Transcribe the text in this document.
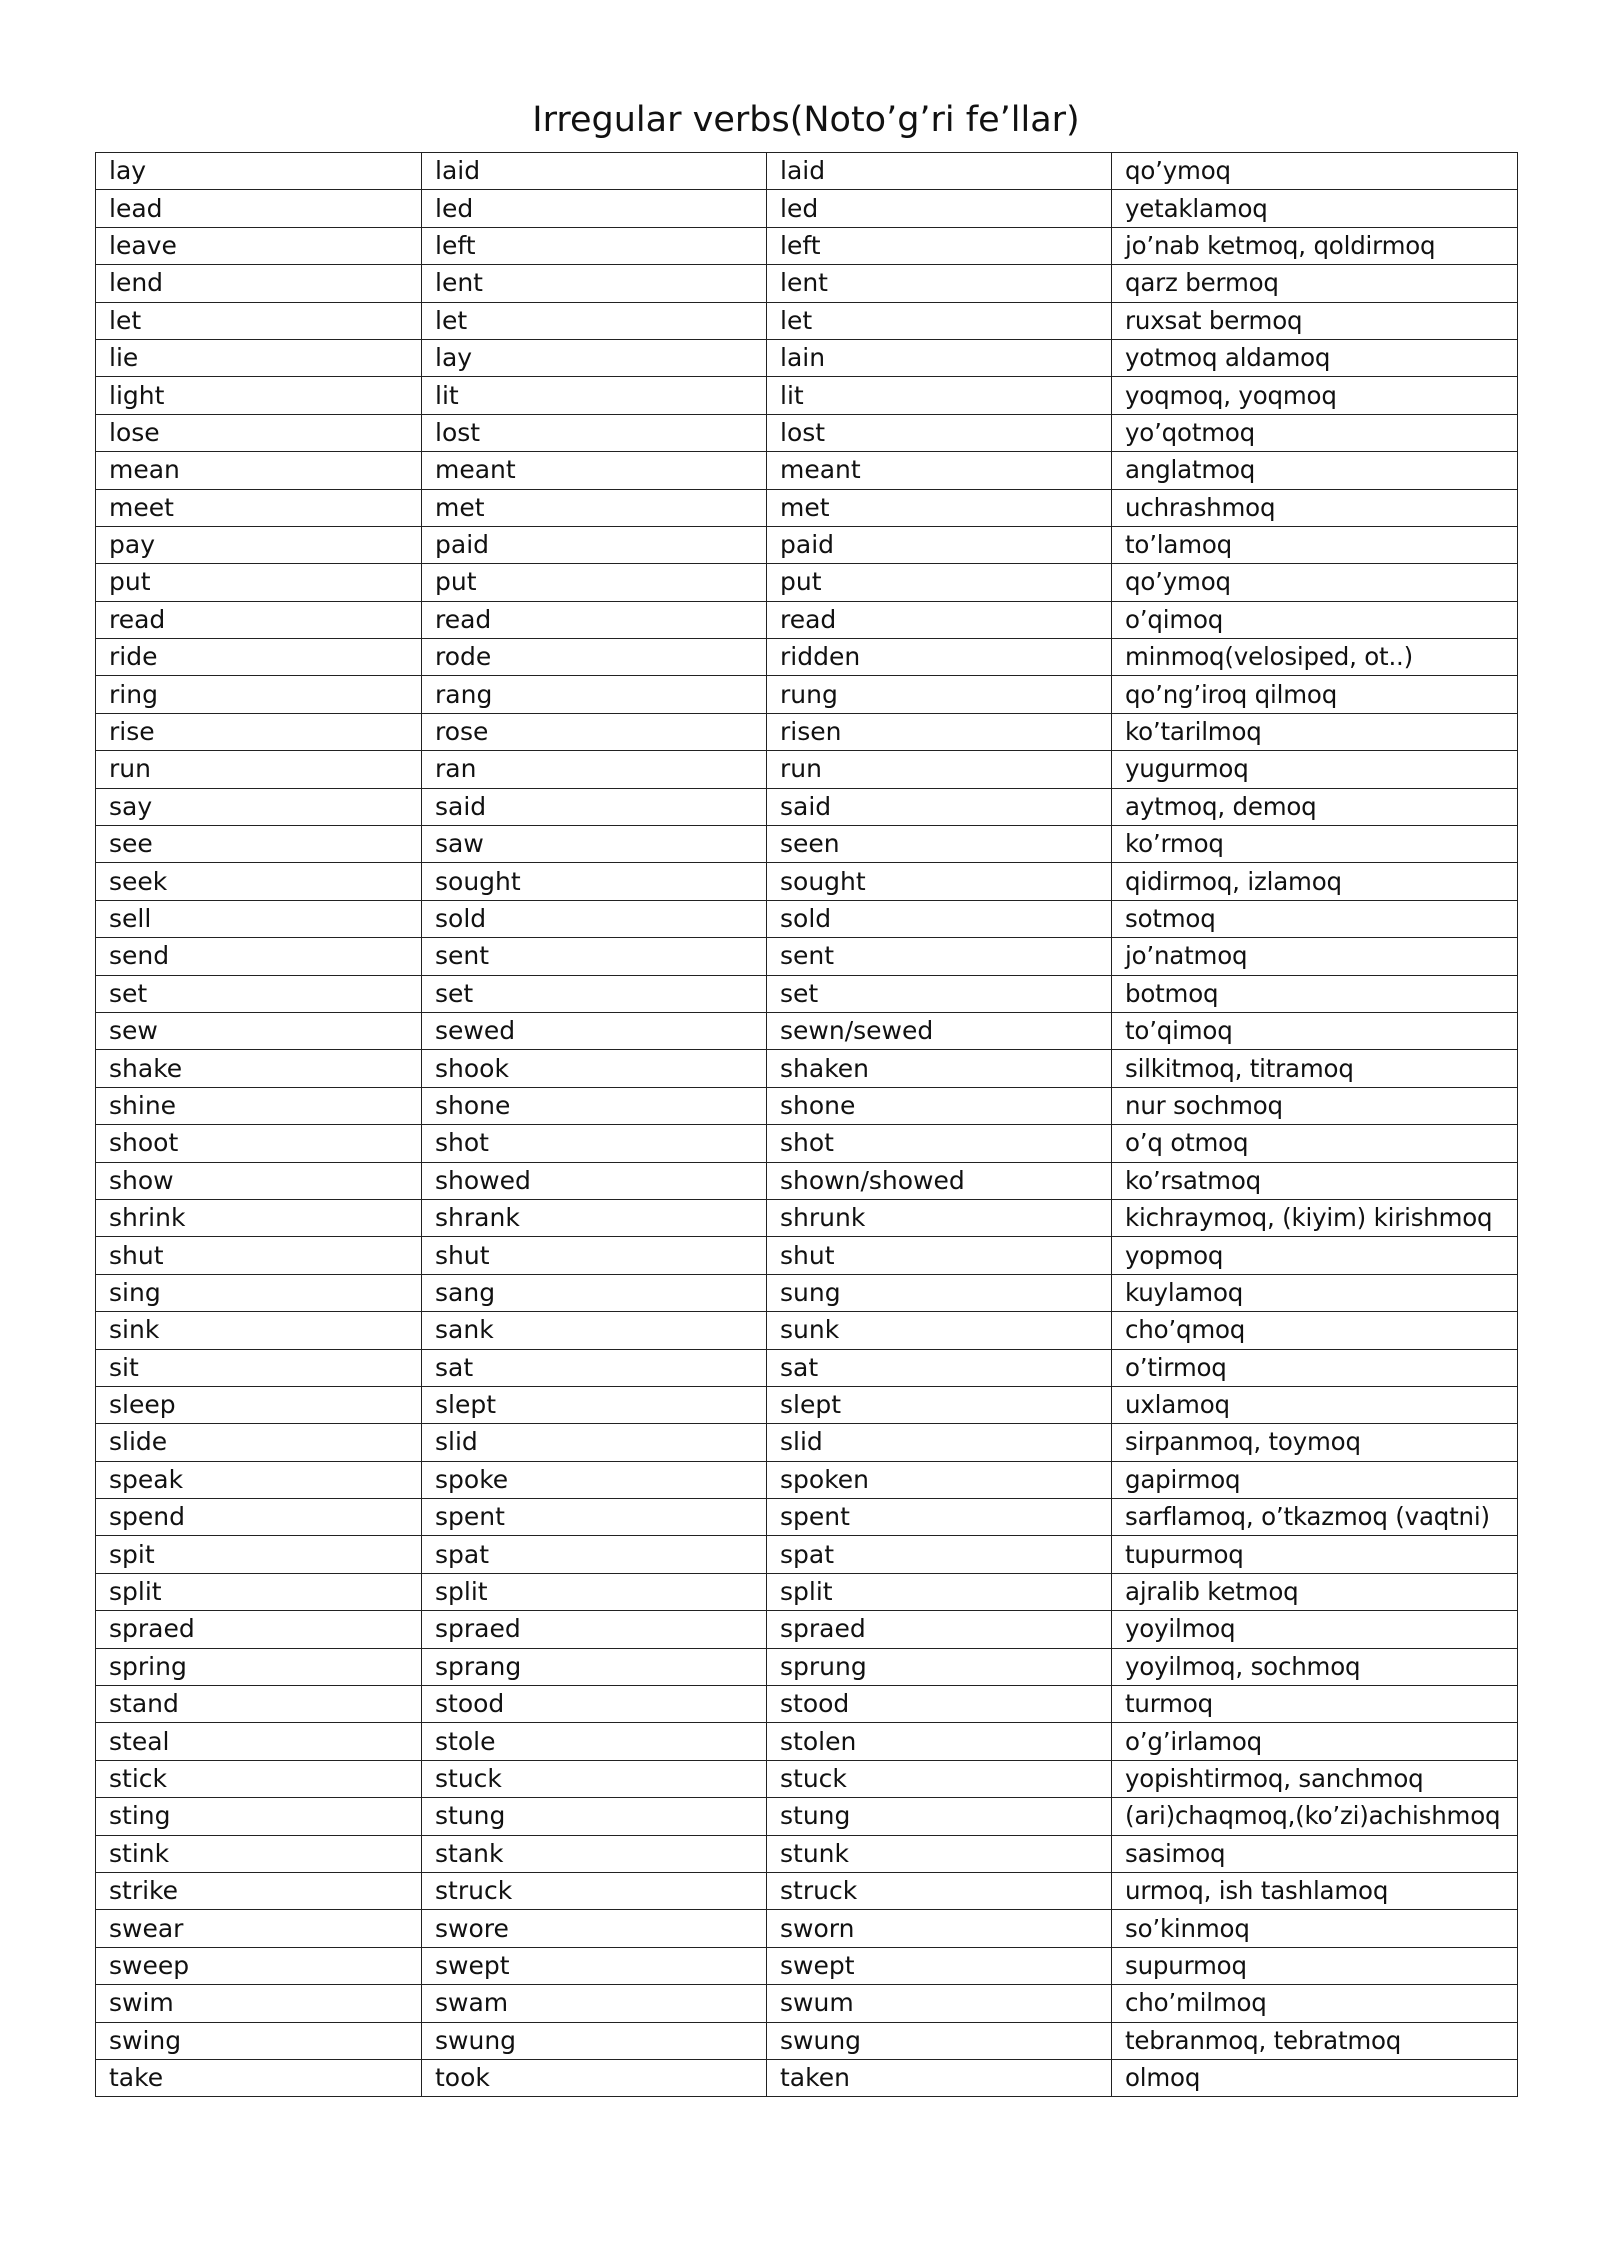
Irregular verbs(Noto’g’ri fe’llar)
lay	laid	laid	qo’ymoq
lead	led	led	yetaklamoq
leave	left	left	jo’nab ketmoq, qoldirmoq
lend	lent	lent	qarz bermoq
let	let	let	ruxsat bermoq
lie	lay	lain	yotmoq aldamoq
light	lit	lit	yoqmoq, yoqmoq
lose	lost	lost	yo’qotmoq
mean	meant	meant	anglatmoq
meet	met	met	uchrashmoq
pay	paid	paid	to’lamoq
put	put	put	qo’ymoq
read	read	read	o’qimoq
ride	rode	ridden	minmoq(velosiped, ot..)
ring	rang	rung	qo’ng’iroq qilmoq
rise	rose	risen	ko’tarilmoq
run	ran	run	yugurmoq
say	said	said	aytmoq, demoq
see	saw	seen	ko’rmoq
seek	sought	sought	qidirmoq, izlamoq
sell	sold	sold	sotmoq
send	sent	sent	jo’natmoq
set	set	set	botmoq
sew	sewed	sewn/sewed	to’qimoq
shake	shook	shaken	silkitmoq, titramoq
shine	shone	shone	nur sochmoq
shoot	shot	shot	o’q otmoq
show	showed	shown/showed	ko’rsatmoq
shrink	shrank	shrunk	kichraymoq, (kiyim) kirishmoq
shut	shut	shut	yopmoq
sing	sang	sung	kuylamoq
sink	sank	sunk	cho’qmoq
sit	sat	sat	o’tirmoq
sleep	slept	slept	uxlamoq
slide	slid	slid	sirpanmoq, toymoq
speak	spoke	spoken	gapirmoq
spend	spent	spent	sarflamoq, o’tkazmoq (vaqtni)
spit	spat	spat	tupurmoq
split	split	split	ajralib ketmoq
spraed	spraed	spraed	yoyilmoq
spring	sprang	sprung	yoyilmoq, sochmoq
stand	stood	stood	turmoq
steal	stole	stolen	o’g’irlamoq
stick	stuck	stuck	yopishtirmoq, sanchmoq
sting	stung	stung	(ari)chaqmoq,(ko’zi)achishmoq
stink	stank	stunk	sasimoq
strike	struck	struck	urmoq, ish tashlamoq
swear	swore	sworn	so’kinmoq
sweep	swept	swept	supurmoq
swim	swam	swum	cho’milmoq
swing	swung	swung	tebranmoq, tebratmoq
take	took	taken	olmoq
